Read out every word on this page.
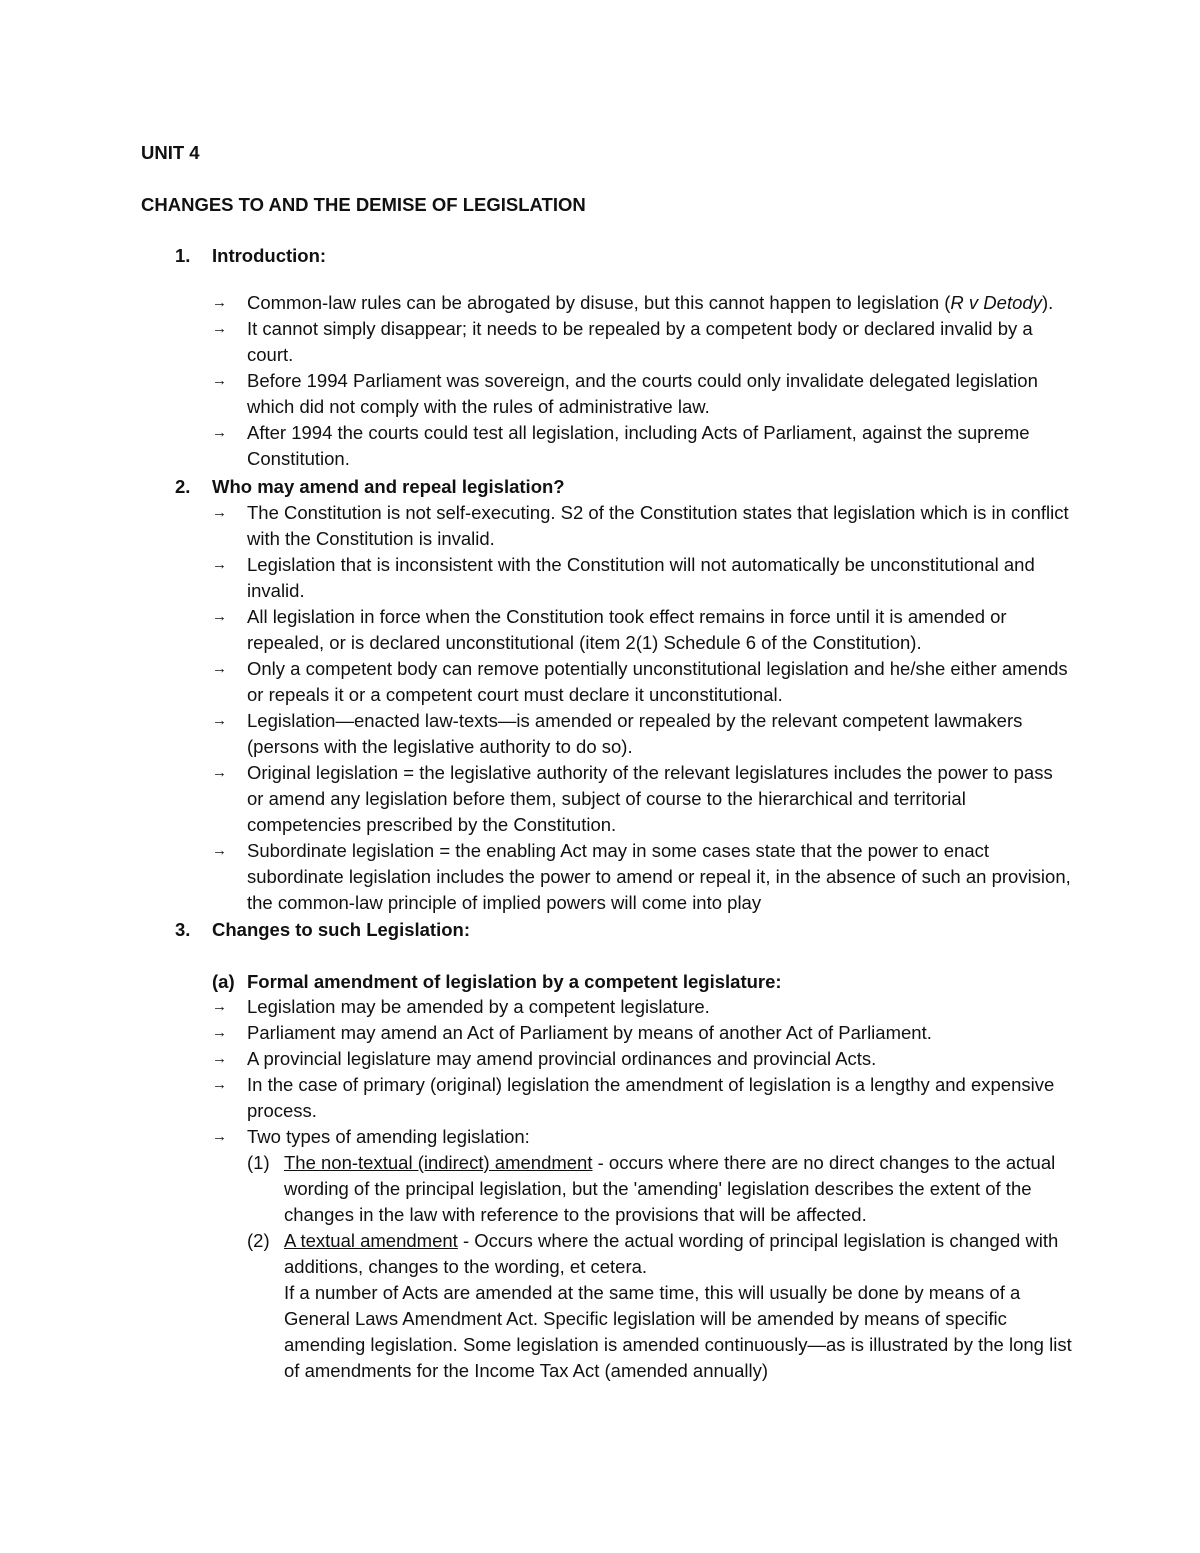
UNIT 4
CHANGES TO AND THE DEMISE OF LEGISLATION
1. Introduction:
→ Common-law rules can be abrogated by disuse, but this cannot happen to legislation (R v Detody).
→ It cannot simply disappear; it needs to be repealed by a competent body or declared invalid by a court.
→ Before 1994 Parliament was sovereign, and the courts could only invalidate delegated legislation which did not comply with the rules of administrative law.
→ After 1994 the courts could test all legislation, including Acts of Parliament, against the supreme Constitution.
2. Who may amend and repeal legislation?
→ The Constitution is not self-executing. S2 of the Constitution states that legislation which is in conflict with the Constitution is invalid.
→ Legislation that is inconsistent with the Constitution will not automatically be unconstitutional and invalid.
→ All legislation in force when the Constitution took effect remains in force until it is amended or repealed, or is declared unconstitutional (item 2(1) Schedule 6 of the Constitution).
→ Only a competent body can remove potentially unconstitutional legislation and he/she either amends or repeals it or a competent court must declare it unconstitutional.
→ Legislation—enacted law-texts—is amended or repealed by the relevant competent lawmakers (persons with the legislative authority to do so).
→ Original legislation = the legislative authority of the relevant legislatures includes the power to pass or amend any legislation before them, subject of course to the hierarchical and territorial competencies prescribed by the Constitution.
→ Subordinate legislation = the enabling Act may in some cases state that the power to enact subordinate legislation includes the power to amend or repeal it, in the absence of such an provision, the common-law principle of implied powers will come into play
3. Changes to such Legislation:
(a) Formal amendment of legislation by a competent legislature:
→ Legislation may be amended by a competent legislature.
→ Parliament may amend an Act of Parliament by means of another Act of Parliament.
→ A provincial legislature may amend provincial ordinances and provincial Acts.
→ In the case of primary (original) legislation the amendment of legislation is a lengthy and expensive process.
→ Two types of amending legislation:
(1) The non-textual (indirect) amendment - occurs where there are no direct changes to the actual wording of the principal legislation, but the 'amending' legislation describes the extent of the changes in the law with reference to the provisions that will be affected.
(2) A textual amendment - Occurs where the actual wording of principal legislation is changed with additions, changes to the wording, et cetera.
If a number of Acts are amended at the same time, this will usually be done by means of a General Laws Amendment Act. Specific legislation will be amended by means of specific amending legislation. Some legislation is amended continuously—as is illustrated by the long list of amendments for the Income Tax Act (amended annually)
